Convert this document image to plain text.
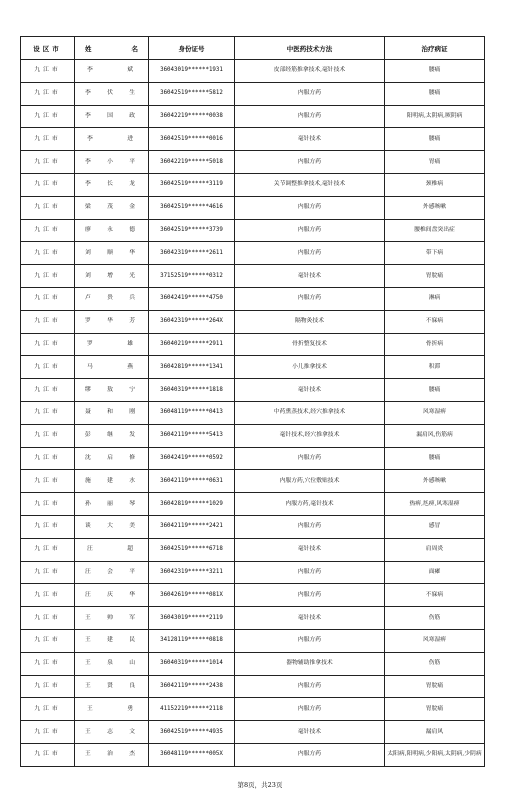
设区市	姓 名	身份证号	中医药技术方法	治疗病证
九江市	李 斌	36043019******1931	皮部经筋推拿技术,毫针技术	腰痛
九江市	李 伏 生	36042519******5812	内服方药	腰痛
九江市	李 国 政	36042219******0038	内服方药	阳明病,太阴病,厥阴病
九江市	李 进	36042519******0016	毫针技术	腰痛
九江市	李 小 平	36042219******5018	内服方药	胃痛
九江市	李 长 龙	36042519******3119	关节调整推拿技术,毫针技术	颈椎病
九江市	梁 茂 金	36042519******4616	内服方药	外感咳嗽
九江市	廖 永 德	36042519******3739	内服方药	腰椎间盘突出症
九江市	刘 顺 华	36042319******2611	内服方药	带下病
九江市	刘 增 光	37152519******0312	毫针技术	胃脘痛
九江市	卢 贵 兵	36042419******4750	内服方药	淋病
九江市	罗 华 芳	36042319******264X	隔物灸技术	不寐病
九江市	罗 雄	36040219******2911	骨折整复技术	骨折病
九江市	马 燕	36042819******1341	小儿推拿技术	积滞
九江市	缪 敖 宁	36040319******1818	毫针技术	腰痛
九江市	聂 和 刚	36048119******0413	中药熏蒸技术,经穴推拿技术	风寒湿痹
九江市	彭 继 发	36042119******5413	毫针技术,经穴推拿技术	漏肩风,伤筋病
九江市	沈 启 修	36042419******0592	内服方药	腰痛
九江市	施 建 水	36042119******0631	内服方药,穴位敷贴技术	外感咳嗽
九江市	孙 丽 琴	36042819******1029	内服方药,毫针技术	热痹,尪痹,风寒湿痹
九江市	谈 大 美	36042119******2421	内服方药	感冒
九江市	汪 超	36042519******6718	毫针技术	肩周炎
九江市	汪 会 平	36042319******3211	内服方药	面瘫
九江市	汪 庆 华	36042619******081X	内服方药	不寐病
九江市	王 帅 军	36043019******2119	毫针技术	伤筋
九江市	王 建 民	34128119******0818	内服方药	风寒湿痹
九江市	王 泉 山	36040319******1014	器物辅助推拿技术	伤筋
九江市	王 贤 良	36042119******2438	内服方药	胃脘痛
九江市	王 勇	41152219******2118	内服方药	胃脘痛
九江市	王 志 文	36042519******4935	毫针技术	漏肩风
九江市	王 治 杰	36048119******005X	内服方药	太阳病,阳明病,少阳病,太阴病,少阴病
第8页，共23页
